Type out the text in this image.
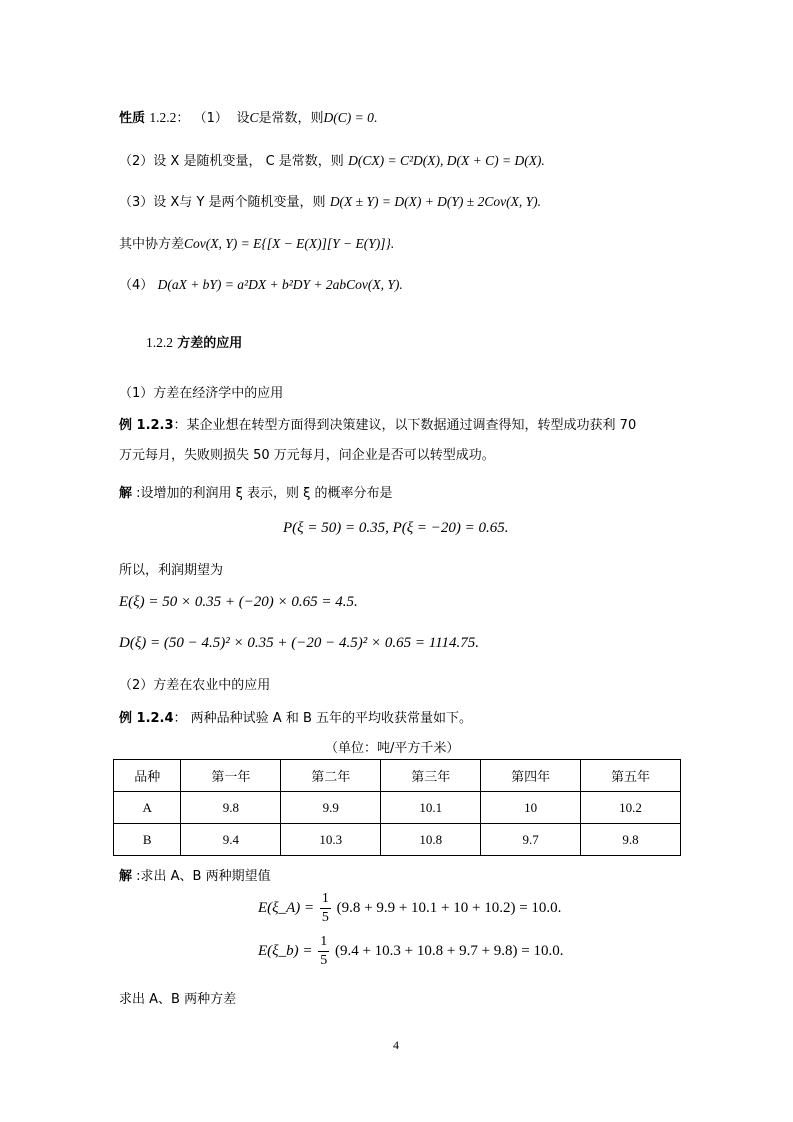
性质 1.2.2： （1） 设C是常数，则D(C) = 0.
（2）设 X 是随机变量， C 是常数，则 D(CX) = C²D(X), D(X + C) = D(X).
（3）设 X与 Y 是两个随机变量，则 D(X ± Y) = D(X) + D(Y) ± 2Cov(X, Y).
其中协方差Cov(X, Y) = E{[X − E(X)][Y − E(Y)]}.
（4） D(aX + bY) = a²DX + b²DY + 2abCov(X, Y).
1.2.2 方差的应用
（1）方差在经济学中的应用
例 1.2.3：某企业想在转型方面得到决策建议，以下数据通过调查得知，转型成功获利 70
万元每月，失败则损失 50 万元每月，问企业是否可以转型成功。
解 :设增加的利润用 ξ 表示，则 ξ 的概率分布是
P(ξ = 50) = 0.35, P(ξ = −20) = 0.65.
所以，利润期望为
E(ξ) = 50 × 0.35 + (−20) × 0.65 = 4.5.
D(ξ) = (50 − 4.5)² × 0.35 + (−20 − 4.5)² × 0.65 = 1114.75.
（2）方差在农业中的应用
例 1.2.4： 两种品种试验 A 和 B 五年的平均收获常量如下。
（单位：吨/平方千米）
品种	第一年	第二年	第三年	第四年	第五年
A	9.8	9.9	10.1	10	10.2
B	9.4	10.3	10.8	9.7	9.8
解 :求出 A、B 两种期望值
E(ξ_A) = $\frac{1}{5} (9.8 + 9.9 + 10.1 + 10 + 10.2) = 10.0$.
E(ξ_b) = $\frac{1}{5} (9.4 + 10.3 + 10.8 + 9.7 + 9.8) = 10.0$.
求出 A、B 两种方差
4
